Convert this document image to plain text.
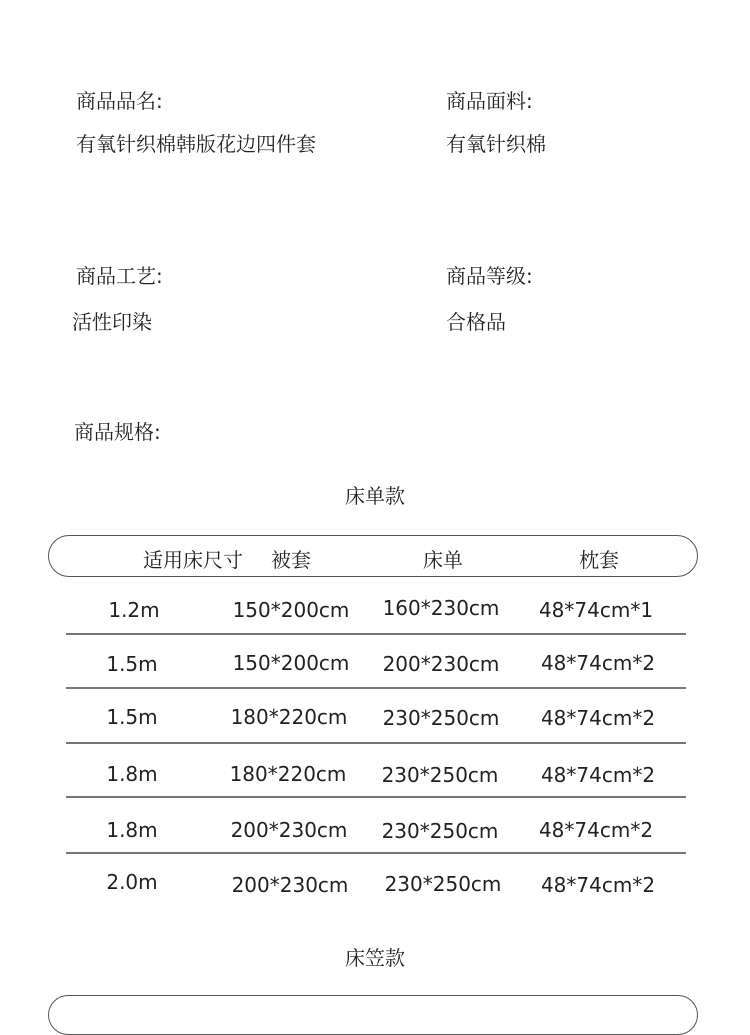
商品品名:
有氧针织棉韩版花边四件套
商品面料:
有氧针织棉
商品工艺:
活性印染
商品等级:
合格品
商品规格:
床单款
适用床尺寸	被套	床单	枕套
1.2m	150*200cm	160*230cm	48*74cm*1
1.5m	150*200cm	200*230cm	48*74cm*2
1.5m	180*220cm	230*250cm	48*74cm*2
1.8m	180*220cm	230*250cm	48*74cm*2
1.8m	200*230cm	230*250cm	48*74cm*2
2.0m	200*230cm	230*250cm	48*74cm*2
床笠款
